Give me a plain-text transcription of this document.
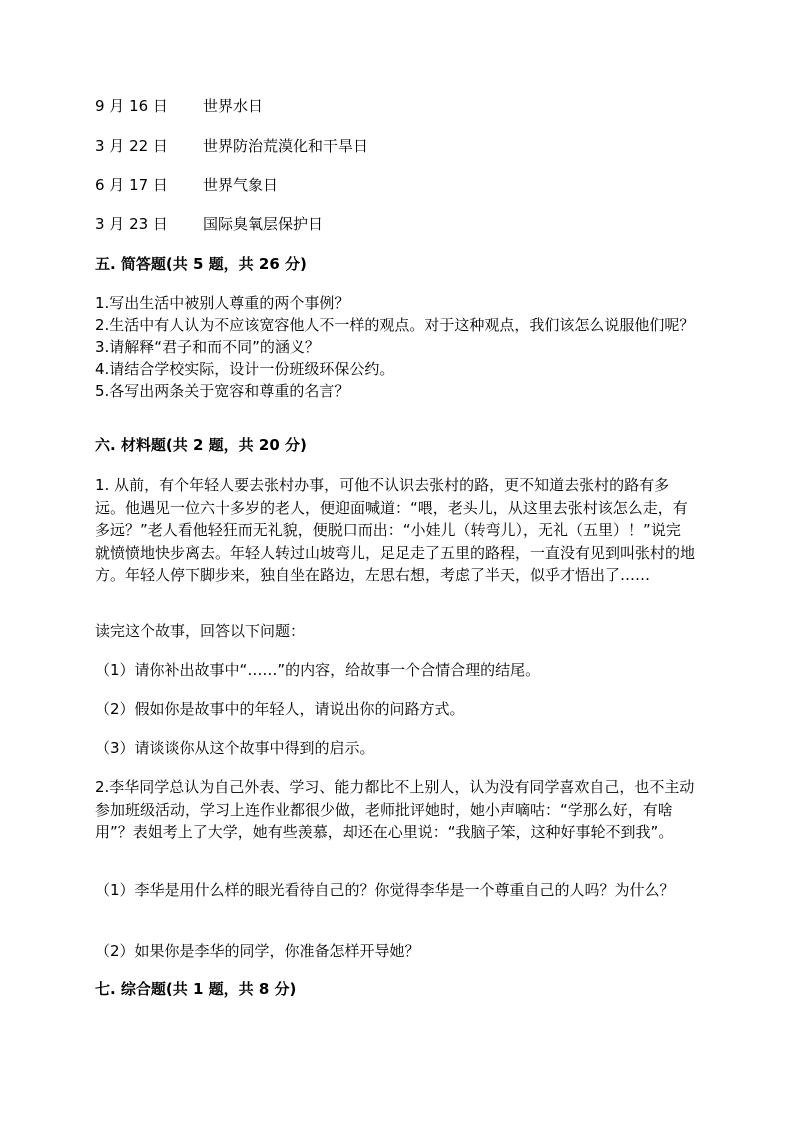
9 月 16 日 世界水日
3 月 22 日 世界防治荒漠化和干旱日
6 月 17 日 世界气象日
3 月 23 日 国际臭氧层保护日
五. 简答题(共 5 题，共 26 分)

1.写出生活中被别人尊重的两个事例？

2.生活中有人认为不应该宽容他人不一样的观点。对于这种观点，我们该怎么说服他们呢？

3.请解释“君子和而不同”的涵义？

4.请结合学校实际，设计一份班级环保公约。

5.各写出两条关于宽容和尊重的名言？

六. 材料题(共 2 题，共 20 分)

1. 从前，有个年轻人要去张村办事，可他不认识去张村的路，更不知道去张村的路有多远。他遇见一位六十多岁的老人，便迎面喊道：“喂，老头儿，从这里去张村该怎么走，有多远？”老人看他轻狂而无礼貌，便脱口而出：“小娃儿（转弯儿），无礼（五里）！”说完就愤愤地快步离去。年轻人转过山坡弯儿，足足走了五里的路程，一直没有见到叫张村的地方。年轻人停下脚步来，独自坐在路边，左思右想，考虑了半天，似乎才悟出了……

读完这个故事，回答以下问题：

（1）请你补出故事中“……”的内容，给故事一个合情合理的结尾。

（2）假如你是故事中的年轻人，请说出你的问路方式。

（3）请谈谈你从这个故事中得到的启示。

2.李华同学总认为自己外表、学习、能力都比不上别人，认为没有同学喜欢自己，也不主动参加班级活动，学习上连作业都很少做，老师批评她时，她小声嘀咕：“学那么好，有啥用”？表姐考上了大学，她有些羡慕，却还在心里说：“我脑子笨，这种好事轮不到我”。

（1）李华是用什么样的眼光看待自己的？你觉得李华是一个尊重自己的人吗？为什么？

（2）如果你是李华的同学，你准备怎样开导她？

七. 综合题(共 1 题，共 8 分)
